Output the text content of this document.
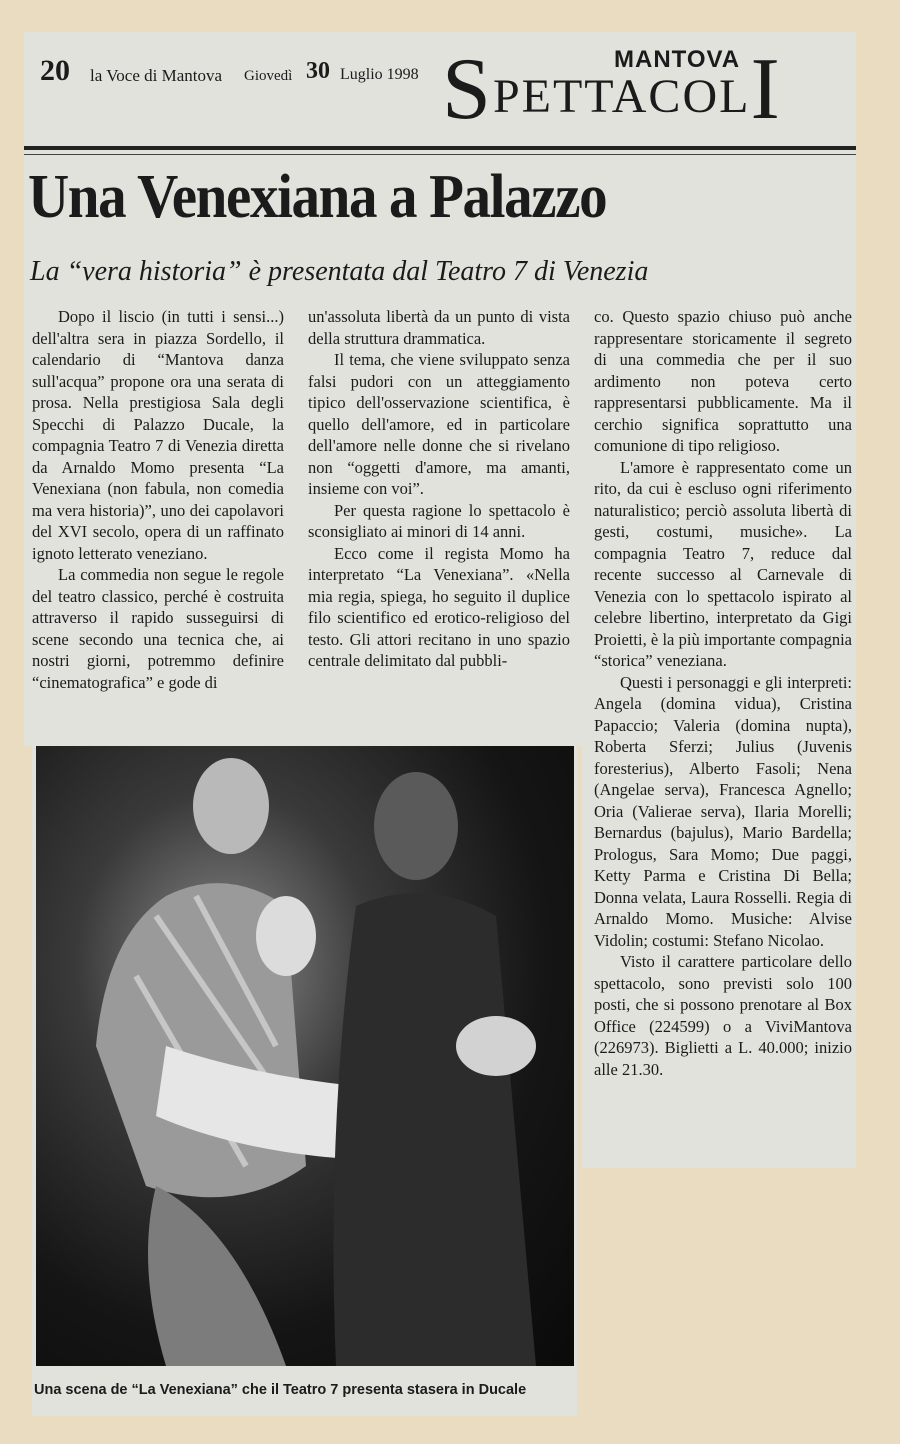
20 la Voce di Mantova Giovedì 30 Luglio 1998
MANTOVA
SPETTACOLI
Una Venexiana a Palazzo
La “vera historia” è presentata dal Teatro 7 di Venezia

Dopo il liscio (in tutti i sensi...) dell'altra sera in piazza Sordello, il calendario di “Mantova danza sull'acqua” propone ora una serata di prosa. Nella prestigiosa Sala degli Specchi di Palazzo Ducale, la compagnia Teatro 7 di Venezia diretta da Arnaldo Momo presenta “La Venexiana (non fabula, non comedia ma vera historia)”, uno dei capolavori del XVI secolo, opera di un raffinato ignoto letterato veneziano.

La commedia non segue le regole del teatro classico, perché è costruita attraverso il rapido susseguirsi di scene secondo una tecnica che, ai nostri giorni, potremmo definire “cinematografica” e gode di

un'assoluta libertà da un punto di vista della struttura drammatica.

Il tema, che viene sviluppato senza falsi pudori con un atteggiamento tipico dell'osservazione scientifica, è quello dell'amore, ed in particolare dell'amore nelle donne che si rivelano non “oggetti d'amore, ma amanti, insieme con voi”.

Per questa ragione lo spettacolo è sconsigliato ai minori di 14 anni.

Ecco come il regista Momo ha interpretato “La Venexiana”. «Nella mia regia, spiega, ho seguito il duplice filo scientifico ed erotico-religioso del testo. Gli attori recitano in uno spazio centrale delimitato dal pubbli-

co. Questo spazio chiuso può anche rappresentare storicamente il segreto di una commedia che per il suo ardimento non poteva certo rappresentarsi pubblicamente. Ma il cerchio significa soprattutto una comunione di tipo religioso.

L'amore è rappresentato come un rito, da cui è escluso ogni riferimento naturalistico; perciò assoluta libertà di gesti, costumi, musiche». La compagnia Teatro 7, reduce dal recente successo al Carnevale di Venezia con lo spettacolo ispirato al celebre libertino, interpretato da Gigi Proietti, è la più importante compagnia “storica” veneziana.

Questi i personaggi e gli interpreti: Angela (domina vidua), Cristina Papaccio; Valeria (domina nupta), Roberta Sferzi; Julius (Juvenis foresterius), Alberto Fasoli; Nena (Angelae serva), Francesca Agnello; Oria (Valierae serva), Ilaria Morelli; Bernardus (bajulus), Mario Bardella; Prologus, Sara Momo; Due paggi, Ketty Parma e Cristina Di Bella; Donna velata, Laura Rosselli. Regia di Arnaldo Momo. Musiche: Alvise Vidolin; costumi: Stefano Nicolao.

Visto il carattere particolare dello spettacolo, sono previsti solo 100 posti, che si possono prenotare al Box Office (224599) o a ViviMantova (226973). Biglietti a L. 40.000; inizio alle 21.30.

Una scena de “La Venexiana” che il Teatro 7 presenta stasera in Ducale
